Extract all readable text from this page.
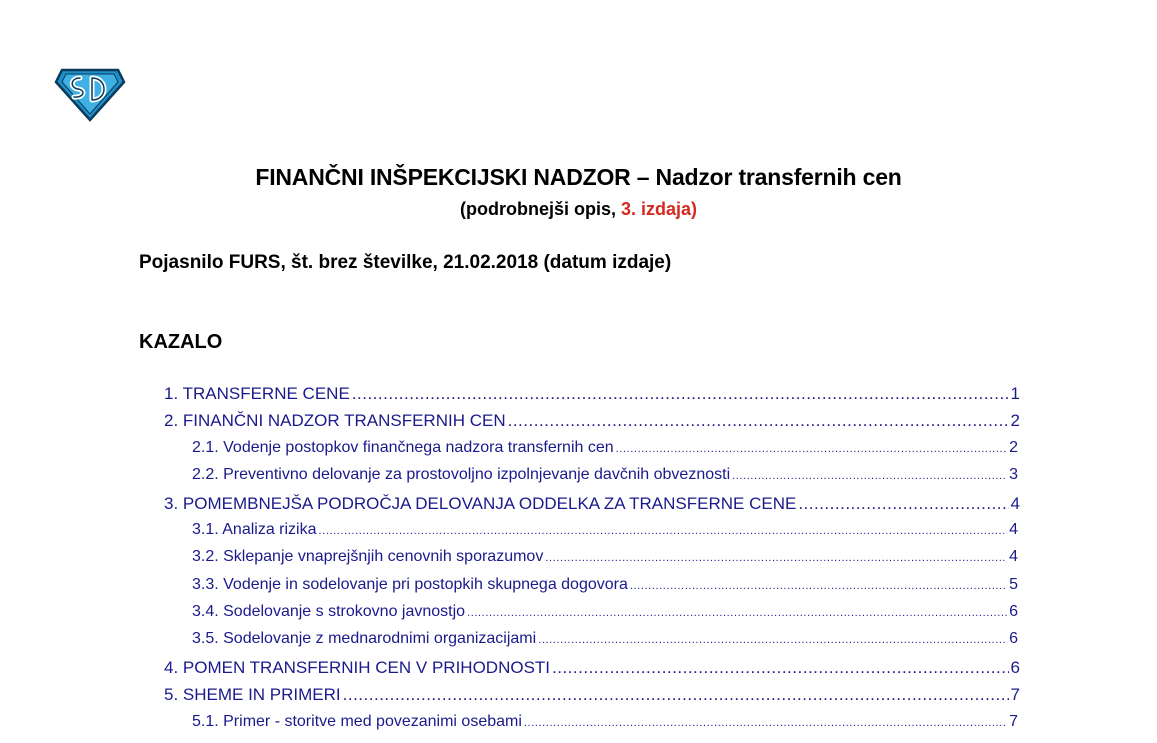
FINANČNI INŠPEKCIJSKI NADZOR – Nadzor transfernih cen
(podrobnejši opis, 3. izdaja)
Pojasnilo FURS, št. brez številke, 21.02.2018 (datum izdaje)
KAZALO
1. TRANSFERNE CENE .....	1
2. FINANČNI NADZOR TRANSFERNIH CEN .....	2
2.1. Vodenje postopkov finančnega nadzora transfernih cen .....	2
2.2. Preventivno delovanje za prostovoljno izpolnjevanje davčnih obveznosti .....	3
3. POMEMBNEJŠA PODROČJA DELOVANJA ODDELKA ZA TRANSFERNE CENE .....	4
3.1. Analiza rizika .....	4
3.2. Sklepanje vnaprejšnjih cenovnih sporazumov .....	4
3.3. Vodenje in sodelovanje pri postopkih skupnega dogovora .....	5
3.4. Sodelovanje s strokovno javnostjo .....	6
3.5. Sodelovanje z mednarodnimi organizacijami .....	6
4. POMEN TRANSFERNIH CEN V PRIHODNOSTI .....	6
5. SHEME IN PRIMERI .....	7
5.1. Primer - storitve med povezanimi osebami .....	7
